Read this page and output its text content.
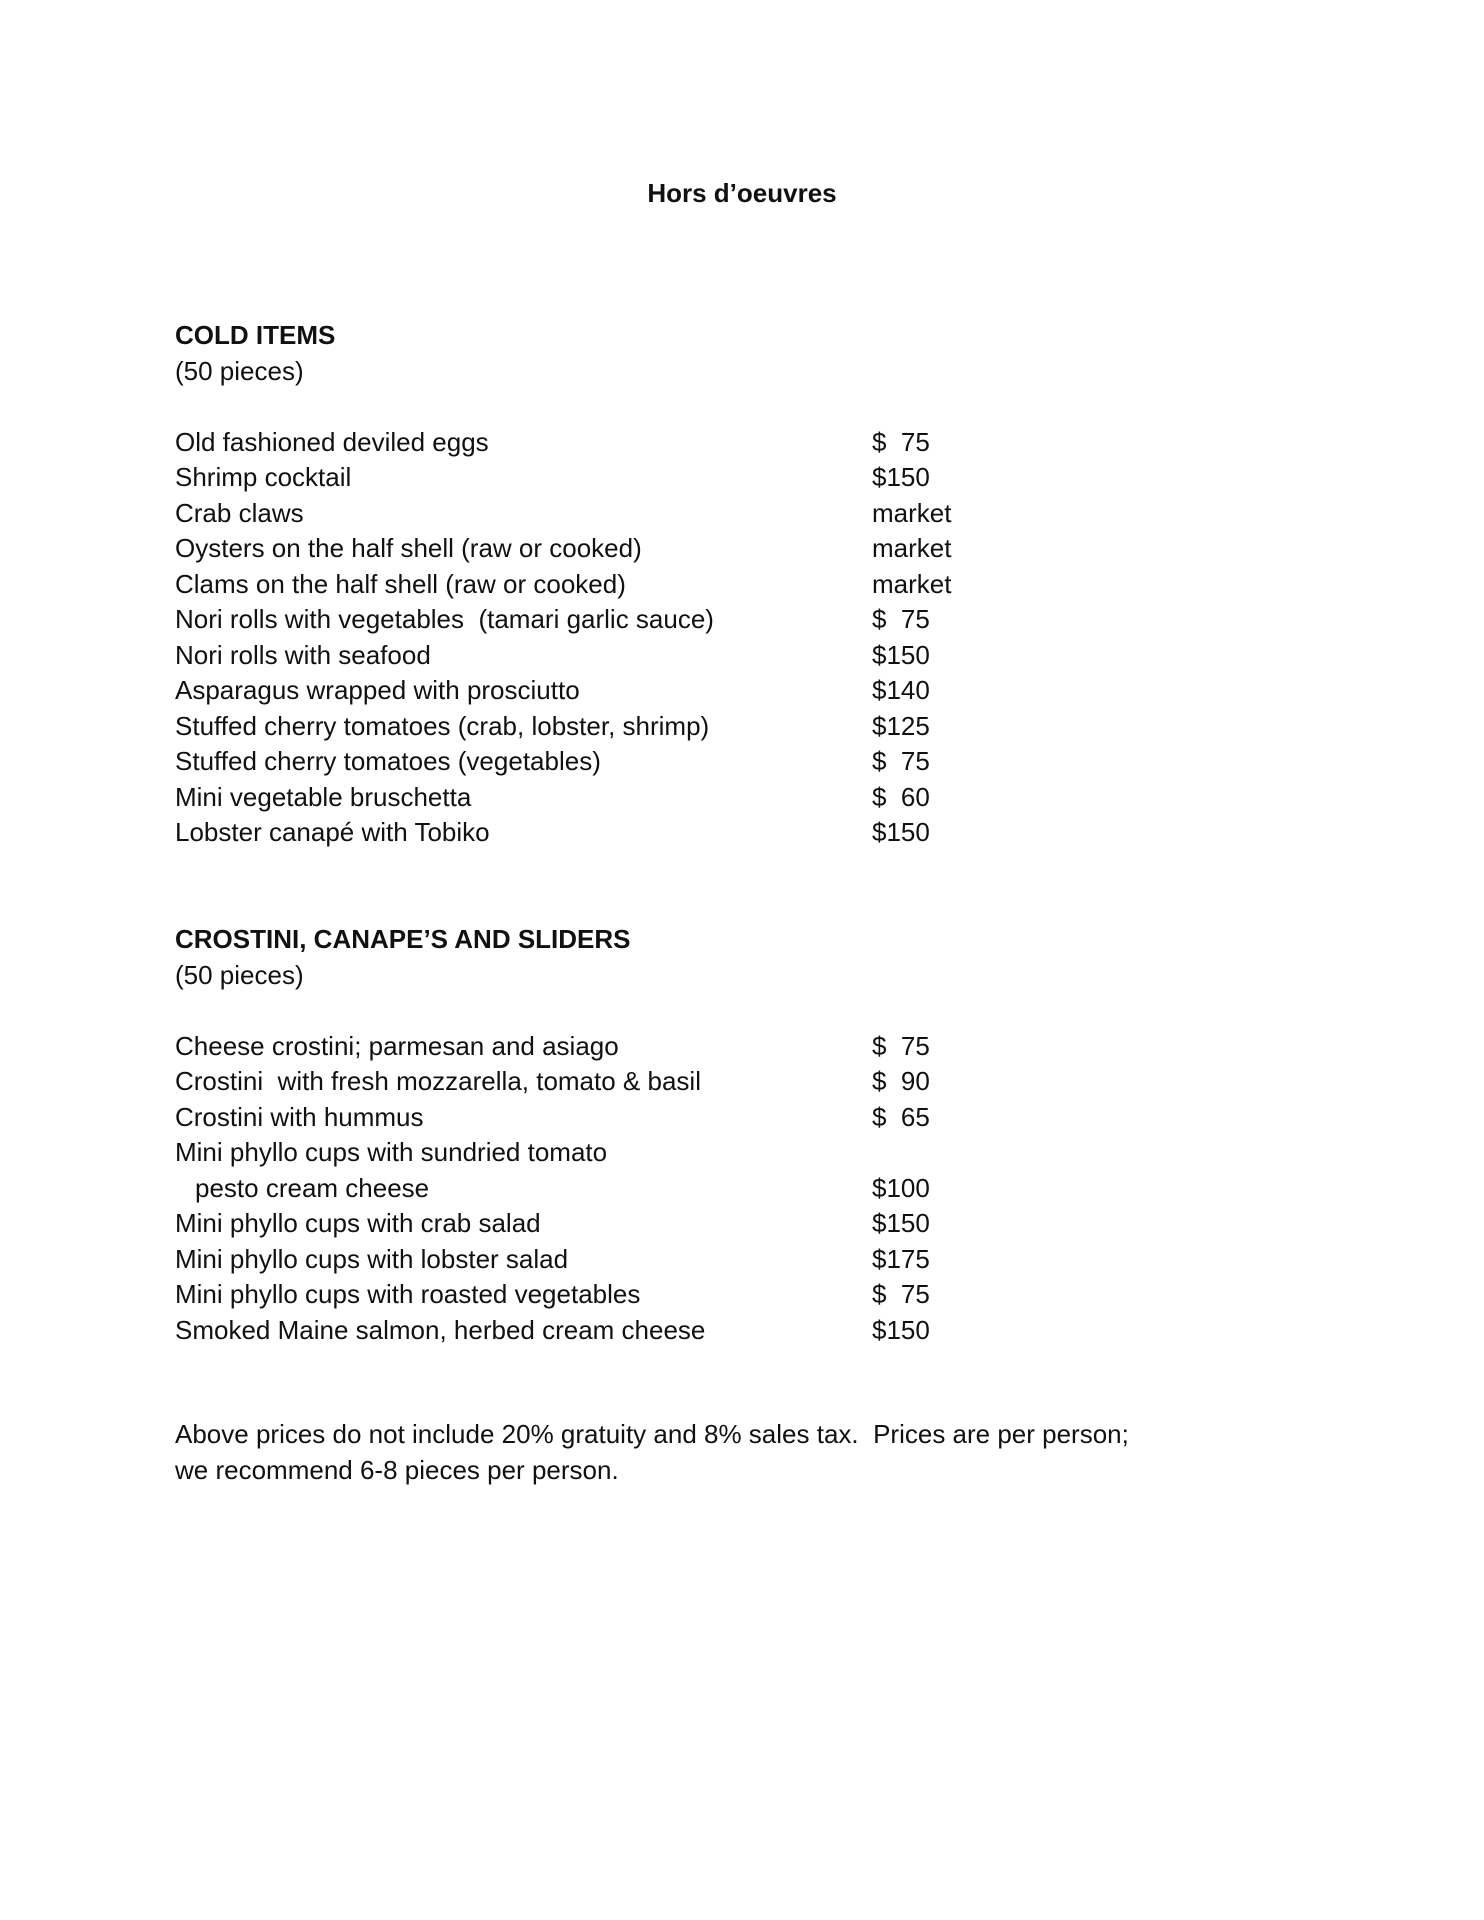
Hors d’oeuvres
COLD ITEMS
(50 pieces)
Old fashioned deviled eggs	$  75
Shrimp cocktail	$150
Crab claws	market
Oysters on the half shell (raw or cooked)	market
Clams on the half shell (raw or cooked)	market
Nori rolls with vegetables  (tamari garlic sauce)	$  75
Nori rolls with seafood	$150
Asparagus wrapped with prosciutto	$140
Stuffed cherry tomatoes (crab, lobster, shrimp)	$125
Stuffed cherry tomatoes (vegetables)	$  75
Mini vegetable bruschetta	$  60
Lobster canapé with Tobiko	$150
CROSTINI, CANAPE’S AND SLIDERS
(50 pieces)
Cheese crostini; parmesan and asiago	$  75
Crostini  with fresh mozzarella, tomato & basil	$  90
Crostini with hummus	$  65
Mini phyllo cups with sundried tomato
pesto cream cheese	$100
Mini phyllo cups with crab salad	$150
Mini phyllo cups with lobster salad	$175
Mini phyllo cups with roasted vegetables	$  75
Smoked Maine salmon, herbed cream cheese	$150
Above prices do not include 20% gratuity and 8% sales tax.  Prices are per person;
we recommend 6-8 pieces per person.
